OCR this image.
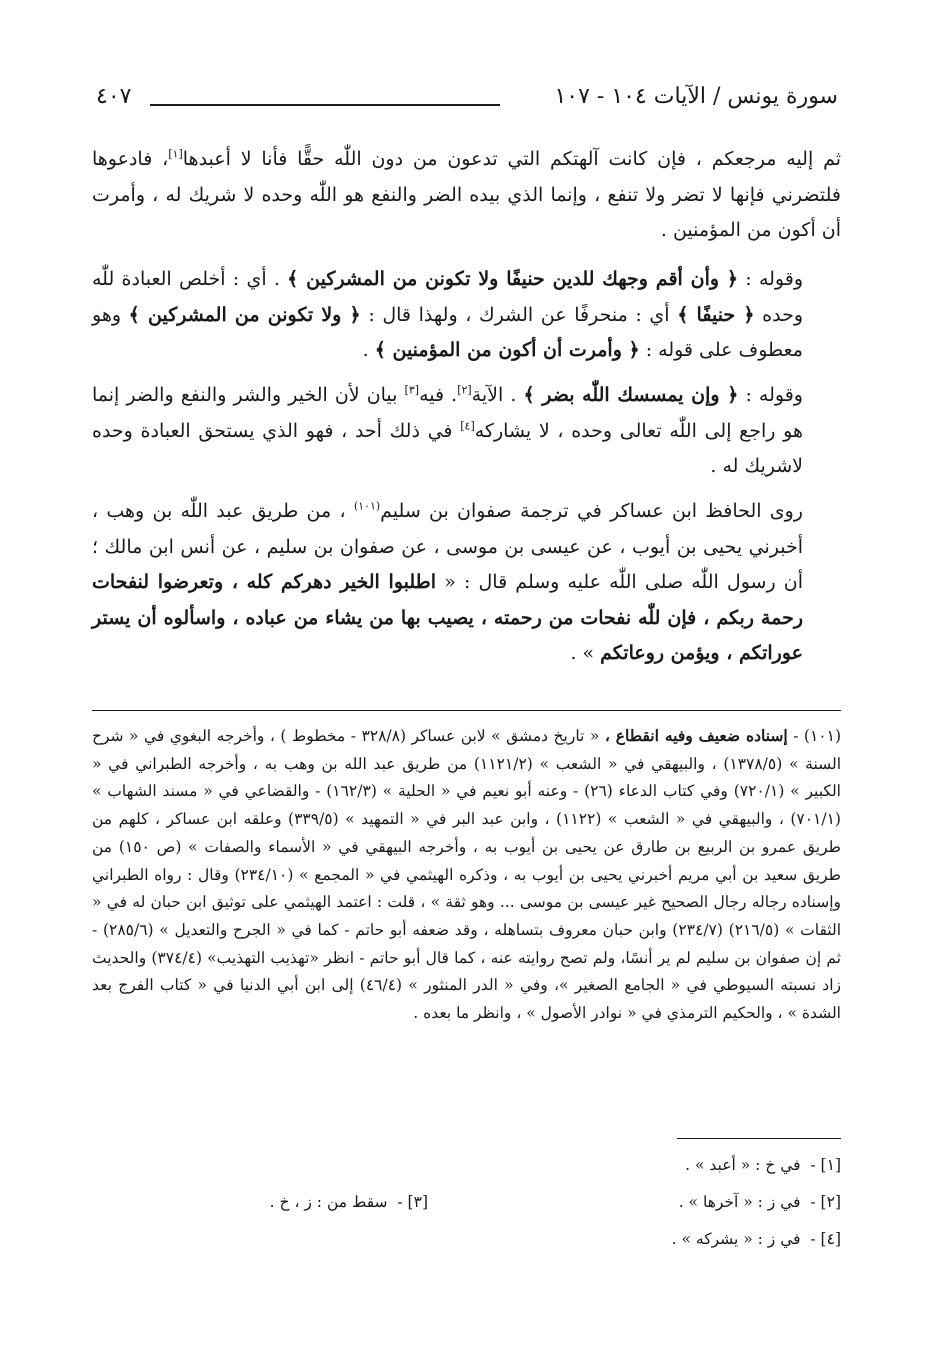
سورة يونس / الآيات ١٠٤ - ١٠٧
٤٠٧

ثم إليه مرجعكم ، فإن كانت آلهتكم التي تدعون من دون اللّٰه حقًّا فأنا لا أعبدها[١]، فادعوها فلتضرني فإنها لا تضر ولا تنفع ، وإنما الذي بيده الضر والنفع هو اللّٰه وحده لا شريك له ، وأمرت أن أكون من المؤمنين .

وقوله : ﴿ وأن أقم وجهك للدين حنيفًا ولا تكونن من المشركين ﴾ . أي : أخلص العبادة للّٰه وحده ﴿ حنيفًا ﴾ أي : منحرفًا عن الشرك ، ولهذا قال : ﴿ ولا تكونن من المشركين ﴾ وهو معطوف على قوله : ﴿ وأمرت أن أكون من المؤمنين ﴾ .

وقوله : ﴿ وإن يمسسك اللّٰه بضر ﴾ . الآية[٢]. فيه[٣] بيان لأن الخير والشر والنفع والضر إنما هو راجع إلى اللّٰه تعالى وحده ، لا يشاركه[٤] في ذلك أحد ، فهو الذي يستحق العبادة وحده لاشريك له .

روى الحافظ ابن عساكر في ترجمة صفوان بن سليم$^{(١٠١)}$ ، من طريق عبد اللّٰه بن وهب ، أخبرني يحيى بن أيوب ، عن عيسى بن موسى ، عن صفوان بن سليم ، عن أنس ابن مالك ؛ أن رسول اللّٰه صلى اللّٰه عليه وسلم قال : « اطلبوا الخير دهركم كله ، وتعرضوا لنفحات رحمة ربكم ، فإن للّٰه نفحات من رحمته ، يصيب بها من يشاء من عباده ، واسألوه أن يستر عوراتكم ، ويؤمن روعاتكم » .

(١٠١) - إسناده ضعيف وفيه انقطاع ، « تاريخ دمشق » لابن عساكر (٣٢٨/٨ - مخطوط ) ، وأخرجه البغوي في « شرح السنة » (١٣٧٨/٥) ، والبيهقي في « الشعب » (١١٢١/٢) من طريق عبد الله بن وهب به ، وأخرجه الطبراني في « الكبير » (٧٢٠/١) وفي كتاب الدعاء (٢٦) - وعنه أبو نعيم في « الحلية » (١٦٢/٣) - والقضاعي في « مسند الشهاب » (٧٠١/١) ، والبيهقي في « الشعب » (١١٢٢) ، وابن عبد البر في « التمهيد » (٣٣٩/٥) وعلقه ابن عساكر ، كلهم من طريق عمرو بن الربيع بن طارق عن يحيى بن أيوب به ، وأخرجه البيهقي في « الأسماء والصفات » (ص ١٥٠) من طريق سعيد بن أبي مريم أخبرني يحيى بن أيوب به ، وذكره الهيثمي في « المجمع » (٢٣٤/١٠) وقال : رواه الطبراني وإسناده رجاله رجال الصحيح غير عيسى بن موسى ... وهو ثقة » ، قلت : اعتمد الهيثمي على توثيق ابن حبان له في « الثقات » (٢١٦/٥) (٢٣٤/٧) وابن حبان معروف بتساهله ، وقد ضعفه أبو حاتم - كما في « الجرح والتعديل » (٢٨٥/٦) - ثم إن صفوان بن سليم لم ير أنسًا، ولم تصح روايته عنه ، كما قال أبو حاتم - انظر «تهذيب التهذيب» (٣٧٤/٤) والحديث زاد نسبته السيوطي في « الجامع الصغير »، وفي « الدر المنثور » (٤٦/٤) إلى ابن أبي الدنيا في « كتاب الفرج بعد الشدة » ، والحكيم الترمذي في « نوادر الأصول » ، وانظر ما بعده .

[١] -  في خ : « أعبد » .
[٢] -  في ز : « آخرها » .
[٤] -  في ز : « يشركه » .
[٣] -  سقط من : ز ، خ .
